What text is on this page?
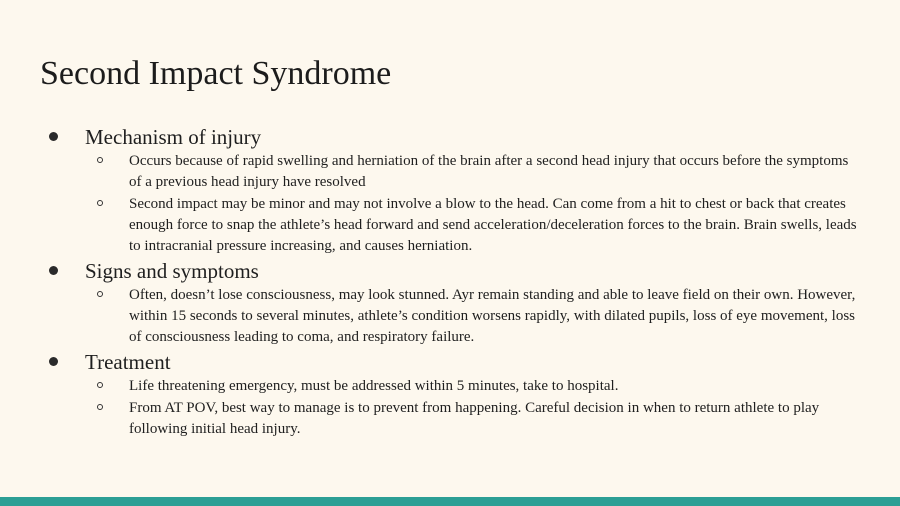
Second Impact Syndrome
Mechanism of injury
Occurs because of rapid swelling and herniation of the brain after a second head injury that occurs before the symptoms of a previous head injury have resolved
Second impact may be minor and may not involve a blow to the head. Can come from a hit to chest or back that creates enough force to snap the athlete’s head forward and send acceleration/deceleration forces to the brain. Brain swells, leads to intracranial pressure increasing, and causes herniation.
Signs and symptoms
Often, doesn’t lose consciousness, may look stunned. Ayr remain standing and able to leave field on their own. However, within 15 seconds to several minutes, athlete’s condition worsens rapidly, with dilated pupils, loss of eye movement, loss of consciousness leading to coma, and respiratory failure.
Treatment
Life threatening emergency, must be addressed within 5 minutes, take to hospital.
From AT POV, best way to manage is to prevent from happening. Careful decision in when to return athlete to play following initial head injury.
